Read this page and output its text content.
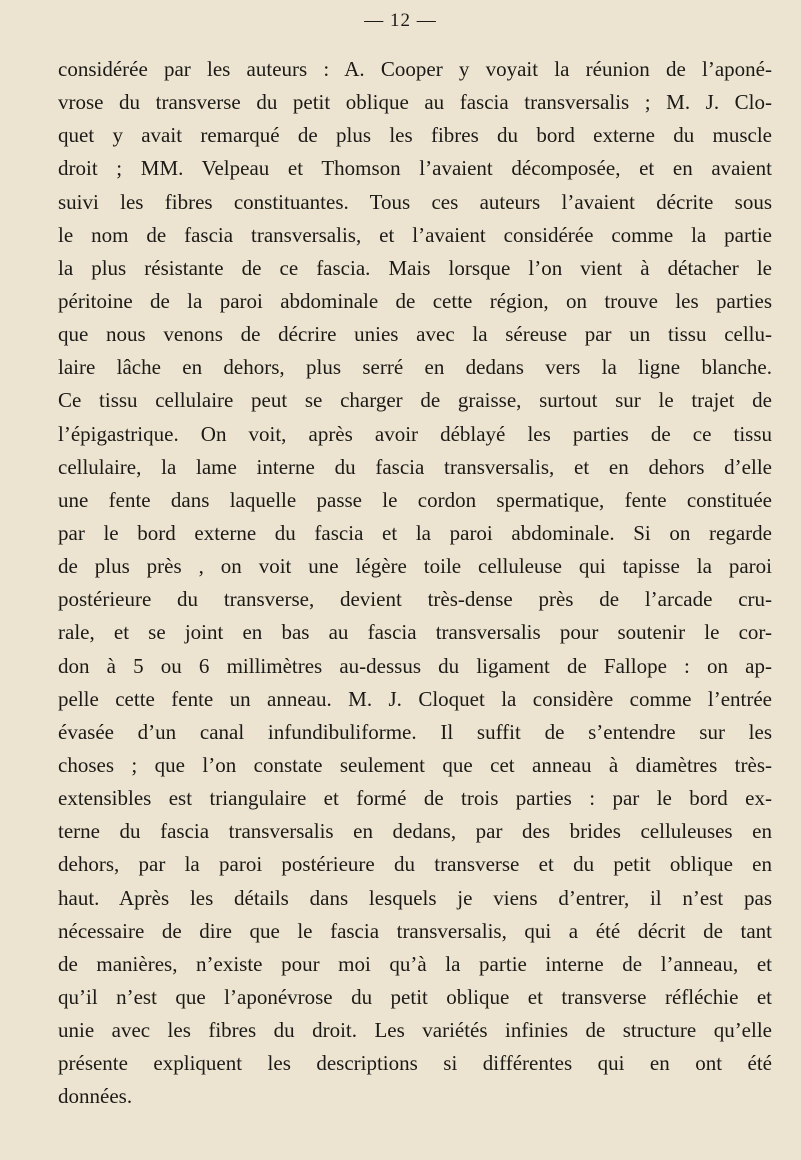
— 12 —
considérée par les auteurs : A. Cooper y voyait la réunion de l’aponé-
vrose du transverse du petit oblique au fascia transversalis ; M. J. Clo-
quet y avait remarqué de plus les fibres du bord externe du muscle
droit ; MM. Velpeau et Thomson l’avaient décomposée, et en avaient
suivi les fibres constituantes. Tous ces auteurs l’avaient décrite sous
le nom de fascia transversalis, et l’avaient considérée comme la partie
la plus résistante de ce fascia. Mais lorsque l’on vient à détacher le
péritoine de la paroi abdominale de cette région, on trouve les parties
que nous venons de décrire unies avec la séreuse par un tissu cellu-
laire lâche en dehors, plus serré en dedans vers la ligne blanche.
Ce tissu cellulaire peut se charger de graisse, surtout sur le trajet de
l’épigastrique. On voit, après avoir déblayé les parties de ce tissu
cellulaire, la lame interne du fascia transversalis, et en dehors d’elle
une fente dans laquelle passe le cordon spermatique, fente constituée
par le bord externe du fascia et la paroi abdominale. Si on regarde
de plus près , on voit une légère toile celluleuse qui tapisse la paroi
postérieure du transverse, devient très-dense près de l’arcade cru-
rale, et se joint en bas au fascia transversalis pour soutenir le cor-
don à 5 ou 6 millimètres au-dessus du ligament de Fallope : on ap-
pelle cette fente un anneau. M. J. Cloquet la considère comme l’entrée
évasée d’un canal infundibuliforme. Il suffit de s’entendre sur les
choses ; que l’on constate seulement que cet anneau à diamètres très-
extensibles est triangulaire et formé de trois parties : par le bord ex-
terne du fascia transversalis en dedans, par des brides celluleuses en
dehors, par la paroi postérieure du transverse et du petit oblique en
haut. Après les détails dans lesquels je viens d’entrer, il n’est pas
nécessaire de dire que le fascia transversalis, qui a été décrit de tant
de manières, n’existe pour moi qu’à la partie interne de l’anneau, et
qu’il n’est que l’aponévrose du petit oblique et transverse réfléchie et
unie avec les fibres du droit. Les variétés infinies de structure qu’elle
présente expliquent les descriptions si différentes qui en ont été
données.
